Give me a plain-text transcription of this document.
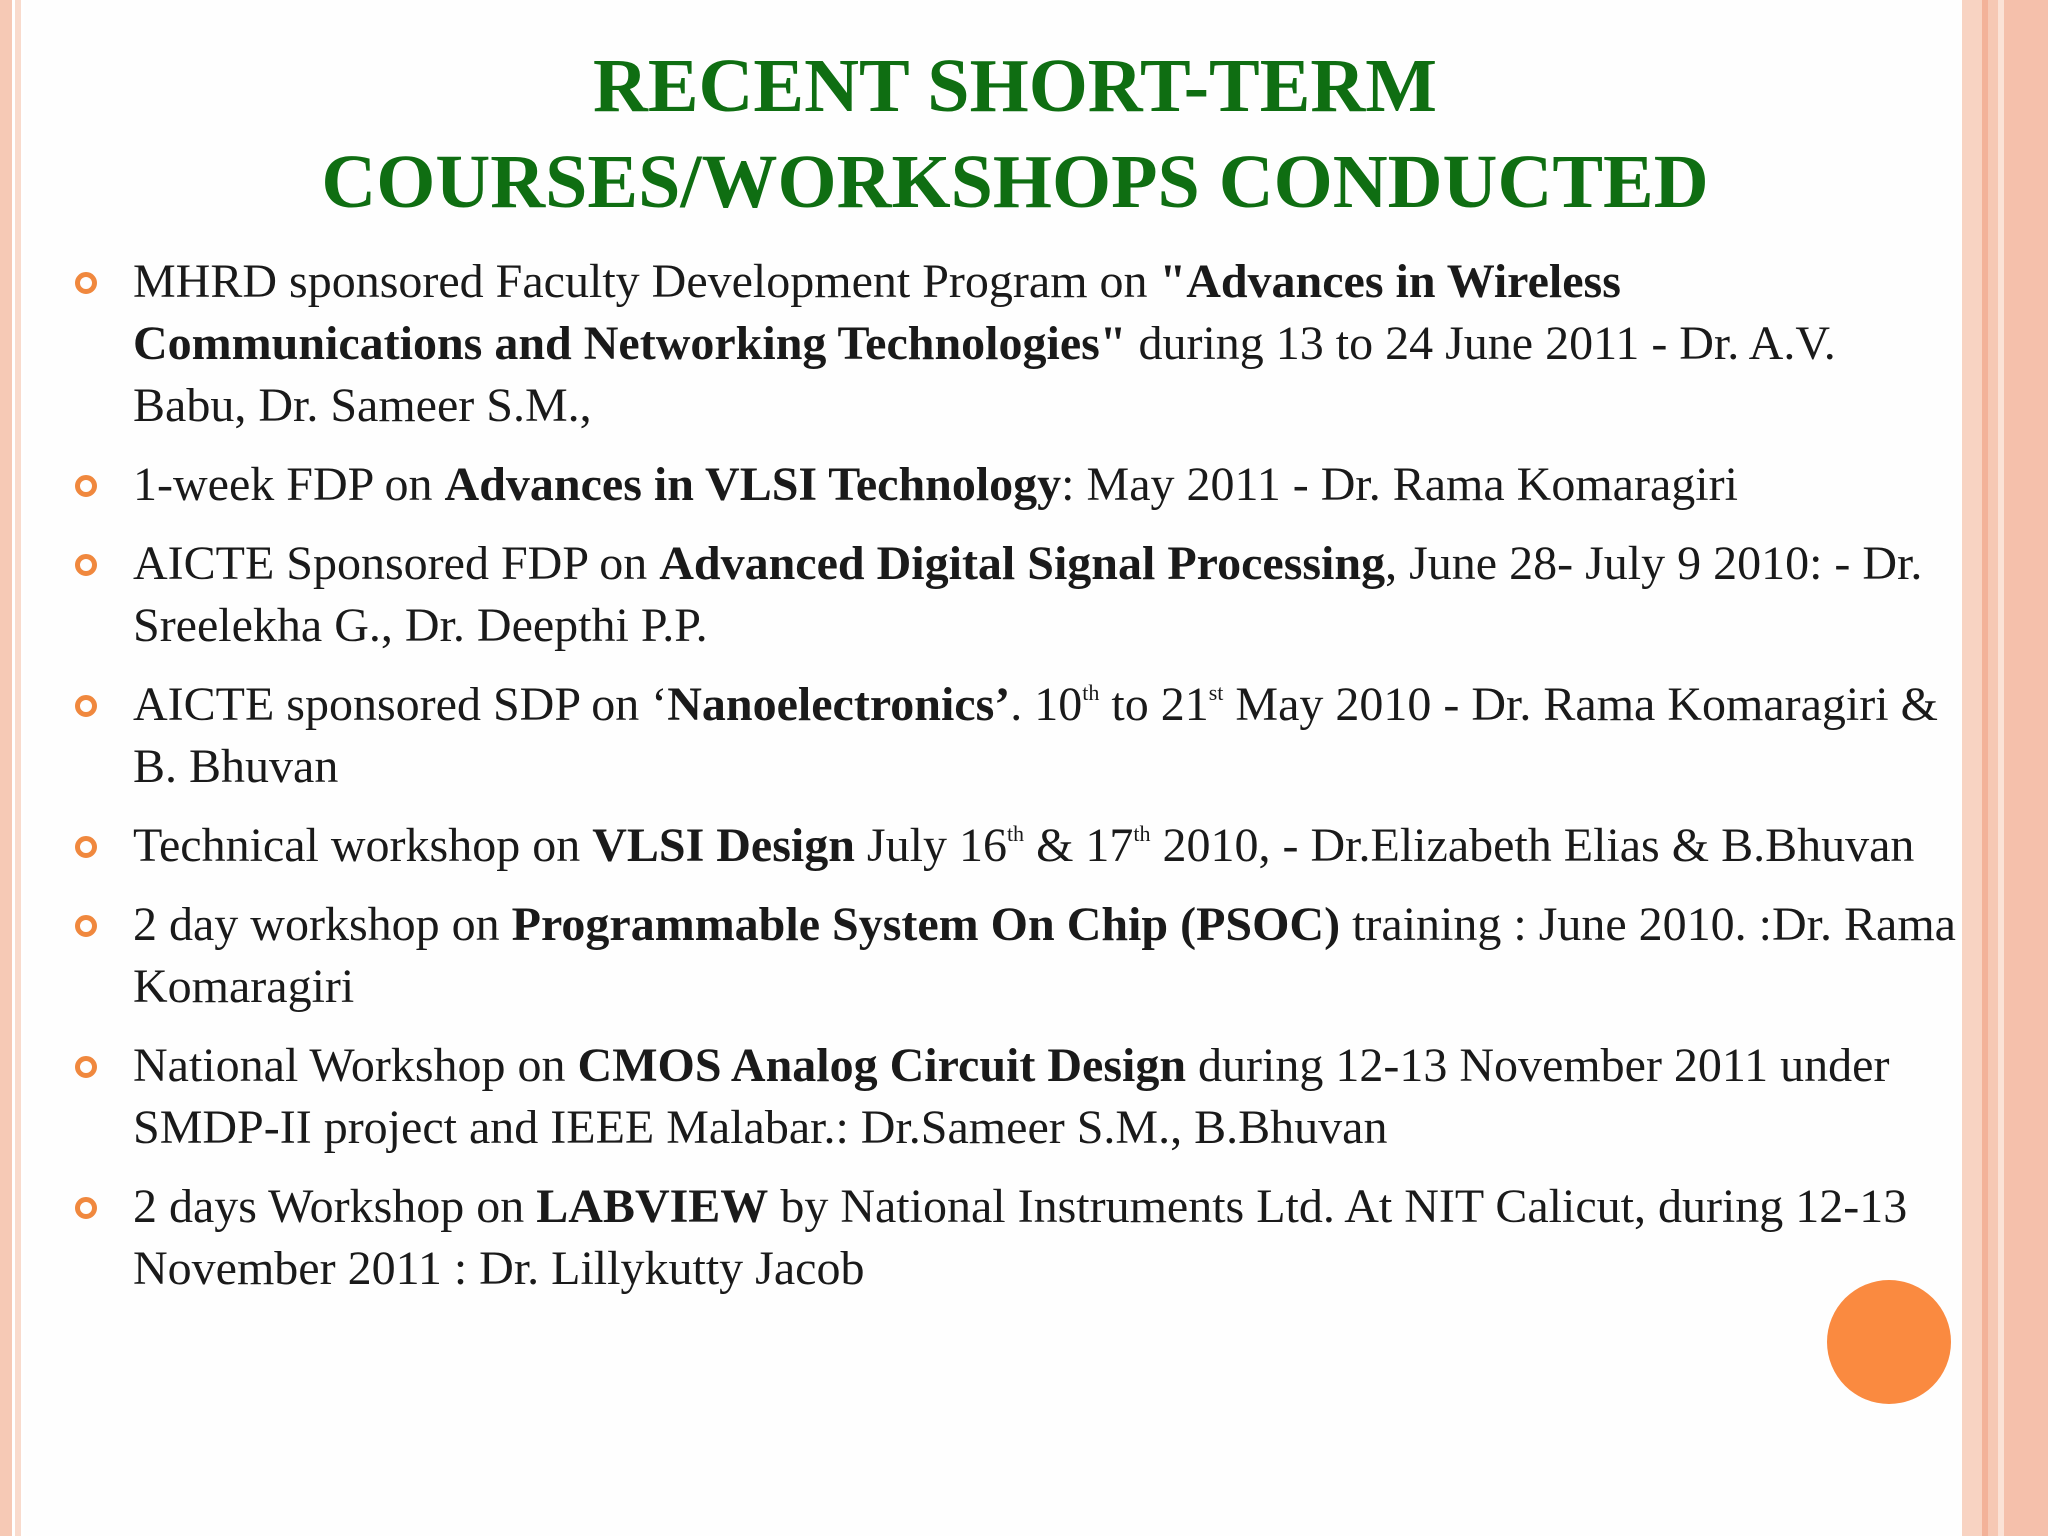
RECENT SHORT-TERM
COURSES/WORKSHOPS CONDUCTED
MHRD sponsored Faculty Development Program on "Advances in Wireless Communications and Networking Technologies" during 13 to 24 June 2011 - Dr. A.V. Babu, Dr. Sameer S.M.,
1-week FDP on Advances in VLSI Technology: May 2011 - Dr. Rama Komaragiri
AICTE Sponsored FDP on Advanced Digital Signal Processing, June 28- July 9 2010: - Dr. Sreelekha G., Dr. Deepthi P.P.
AICTE sponsored SDP on ‘Nanoelectronics’. 10th to 21st May 2010 - Dr. Rama Komaragiri & B. Bhuvan
Technical workshop on VLSI Design July 16th & 17th 2010, - Dr.Elizabeth Elias & B.Bhuvan
2 day workshop on Programmable System On Chip (PSOC) training : June 2010. :Dr. Rama Komaragiri
National Workshop on CMOS Analog Circuit Design during 12-13 November 2011 under SMDP-II project and IEEE Malabar.: Dr.Sameer S.M., B.Bhuvan
2 days Workshop on LABVIEW by National Instruments Ltd. At NIT Calicut, during 12-13 November 2011 : Dr. Lillykutty Jacob
